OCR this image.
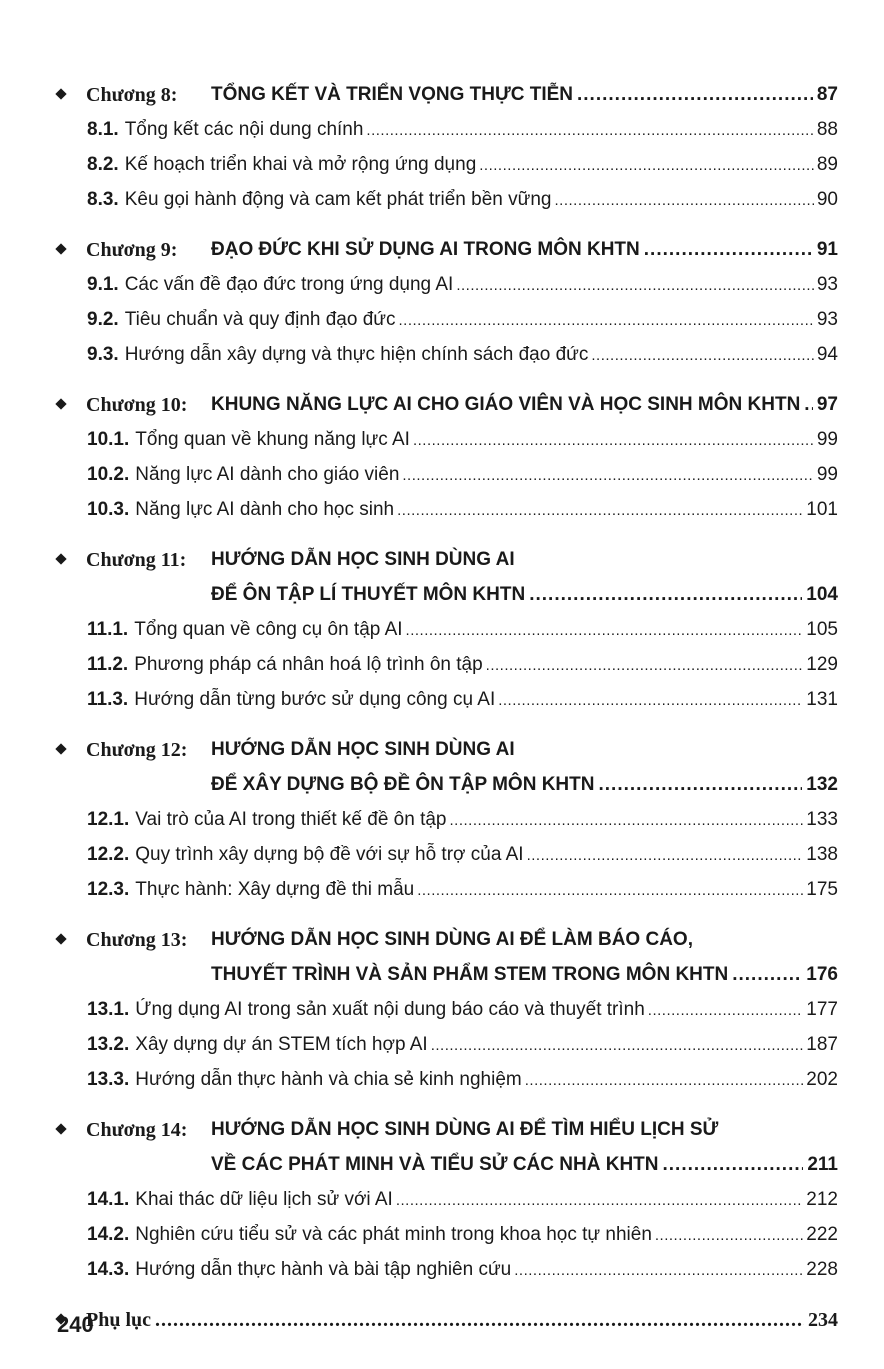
Chương 8: TỔNG KẾT VÀ TRIỂN VỌNG THỰC TIỄN .....	87
8.1. Tổng kết các nội dung chính .....	88
8.2. Kế hoạch triển khai và mở rộng ứng dụng .....	89
8.3. Kêu gọi hành động và cam kết phát triển bền vững .....	90
Chương 9: ĐẠO ĐỨC KHI SỬ DỤNG AI TRONG MÔN KHTN .....	91
9.1. Các vấn đề đạo đức trong ứng dụng AI .....	93
9.2. Tiêu chuẩn và quy định đạo đức .....	93
9.3. Hướng dẫn xây dựng và thực hiện chính sách đạo đức .....	94
Chương 10: KHUNG NĂNG LỰC AI CHO GIÁO VIÊN VÀ HỌC SINH MÔN KHTN ..... 97
10.1. Tổng quan về khung năng lực AI .....	99
10.2. Năng lực AI dành cho giáo viên .....	99
10.3. Năng lực AI dành cho học sinh .....	101
Chương 11: HƯỚNG DẪN HỌC SINH DÙNG AI
ĐỂ ÔN TẬP LÍ THUYẾT MÔN KHTN .....	104
11.1. Tổng quan về công cụ ôn tập AI .....	105
11.2. Phương pháp cá nhân hoá lộ trình ôn tập .....	129
11.3. Hướng dẫn từng bước sử dụng công cụ AI .....	131
Chương 12: HƯỚNG DẪN HỌC SINH DÙNG AI
ĐỂ XÂY DỰNG BỘ ĐỀ ÔN TẬP MÔN KHTN .....	132
12.1. Vai trò của AI trong thiết kế đề ôn tập .....	133
12.2. Quy trình xây dựng bộ đề với sự hỗ trợ của AI .....	138
12.3. Thực hành: Xây dựng đề thi mẫu .....	175
Chương 13: HƯỚNG DẪN HỌC SINH DÙNG AI ĐỂ LÀM BÁO CÁO,
THUYẾT TRÌNH VÀ SẢN PHẨM STEM TRONG MÔN KHTN .....	176
13.1. Ứng dụng AI trong sản xuất nội dung báo cáo và thuyết trình .....	177
13.2. Xây dựng dự án STEM tích hợp AI .....	187
13.3. Hướng dẫn thực hành và chia sẻ kinh nghiệm .....	202
Chương 14: HƯỚNG DẪN HỌC SINH DÙNG AI ĐỂ TÌM HIỂU LỊCH SỬ
VỀ CÁC PHÁT MINH VÀ TIỂU SỬ CÁC NHÀ KHTN .....	211
14.1. Khai thác dữ liệu lịch sử với AI .....	212
14.2. Nghiên cứu tiểu sử và các phát minh trong khoa học tự nhiên .....	222
14.3. Hướng dẫn thực hành và bài tập nghiên cứu .....	228
Phụ lục .....	234
240
